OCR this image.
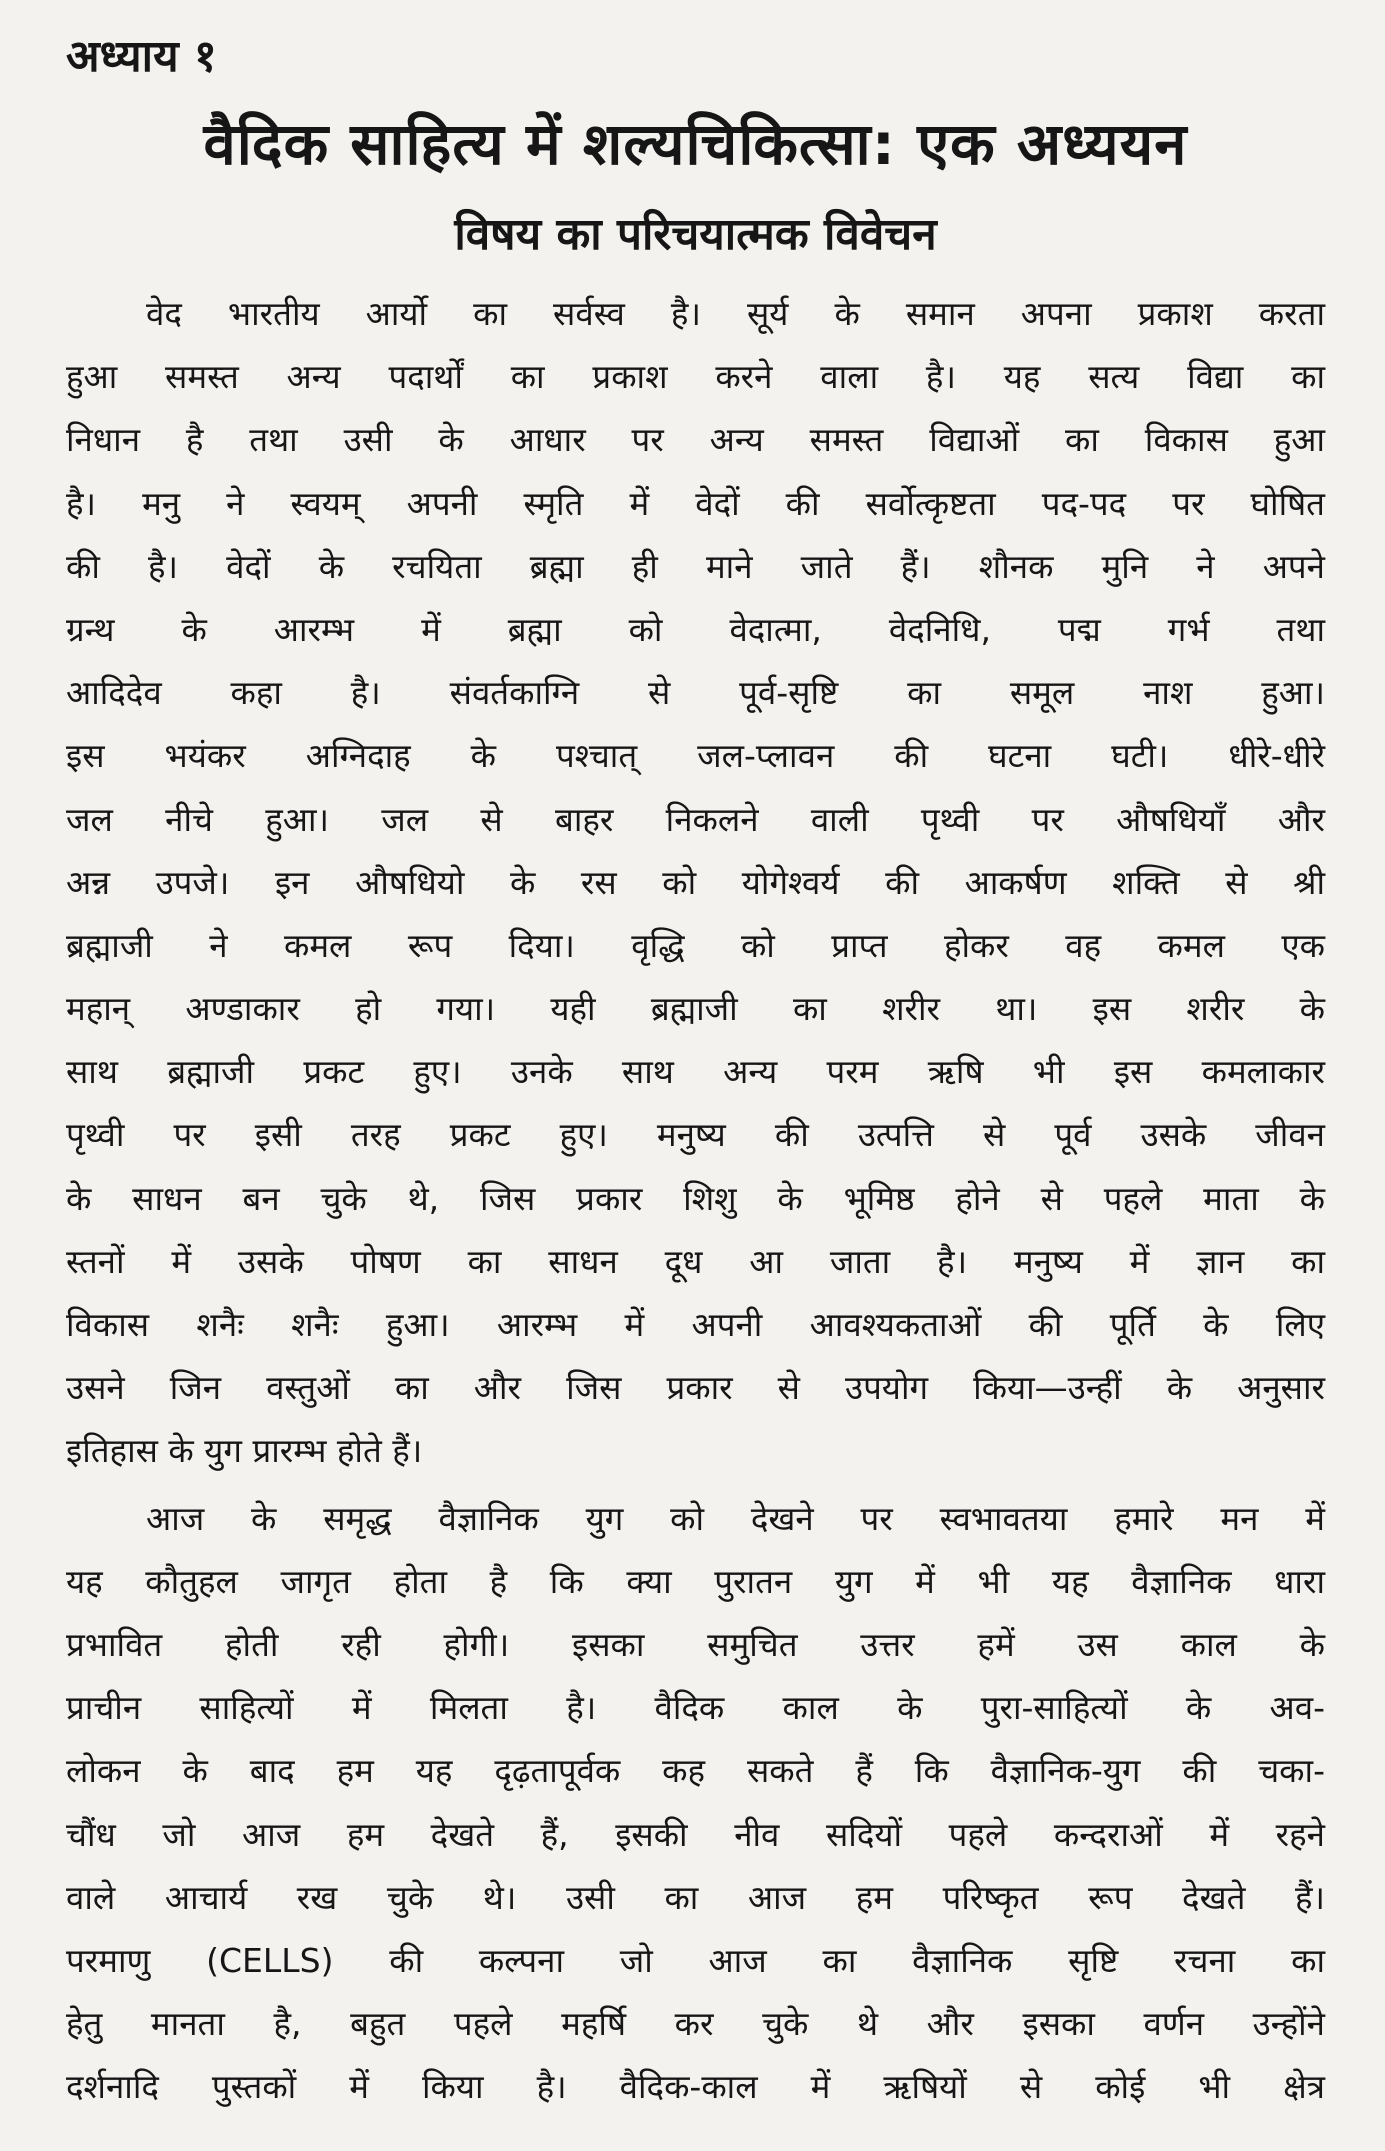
अध्याय १
वैदिक साहित्य में शल्यचिकित्सा: एक अध्ययन
विषय का परिचयात्मक विवेचन
वेद भारतीय आर्यो का सर्वस्व है। सूर्य के समान अपना प्रकाश करता
हुआ समस्त अन्य पदार्थों का प्रकाश करने वाला है। यह सत्य विद्या का
निधान है तथा उसी के आधार पर अन्य समस्त विद्याओं का विकास हुआ
है। मनु ने स्वयम् अपनी स्मृति में वेदों की सर्वोत्कृष्टता पद-पद पर घोषित
की है। वेदों के रचयिता ब्रह्मा ही माने जाते हैं। शौनक मुनि ने अपने
ग्रन्थ के आरम्भ में ब्रह्मा को वेदात्मा, वेदनिधि, पद्म गर्भ तथा
आदिदेव कहा है। संवर्तकाग्नि से पूर्व-सृष्टि का समूल नाश हुआ।
इस भयंकर अग्निदाह के पश्चात् जल-प्लावन की घटना घटी। धीरे-धीरे
जल नीचे हुआ। जल से बाहर निकलने वाली पृथ्वी पर औषधियाँ और
अन्न उपजे। इन औषधियो के रस को योगेश्वर्य की आकर्षण शक्ति से श्री
ब्रह्माजी ने कमल रूप दिया। वृद्धि को प्राप्त होकर वह कमल एक
महान् अण्डाकार हो गया। यही ब्रह्माजी का शरीर था। इस शरीर के
साथ ब्रह्माजी प्रकट हुए। उनके साथ अन्य परम ऋषि भी इस कमलाकार
पृथ्वी पर इसी तरह प्रकट हुए। मनुष्य की उत्पत्ति से पूर्व उसके जीवन
के साधन बन चुके थे, जिस प्रकार शिशु के भूमिष्ठ होने से पहले माता के
स्तनों में उसके पोषण का साधन दूध आ जाता है। मनुष्य में ज्ञान का
विकास शनैः शनैः हुआ। आरम्भ में अपनी आवश्यकताओं की पूर्ति के लिए
उसने जिन वस्तुओं का और जिस प्रकार से उपयोग किया—उन्हीं के अनुसार
इतिहास के युग प्रारम्भ होते हैं।
आज के समृद्ध वैज्ञानिक युग को देखने पर स्वभावतया हमारे मन में
यह कौतुहल जागृत होता है कि क्या पुरातन युग में भी यह वैज्ञानिक धारा
प्रभावित होती रही होगी। इसका समुचित उत्तर हमें उस काल के
प्राचीन साहित्यों में मिलता है। वैदिक काल के पुरा-साहित्यों के अव-
लोकन के बाद हम यह दृढ़तापूर्वक कह सकते हैं कि वैज्ञानिक-युग की चका-
चौंध जो आज हम देखते हैं, इसकी नीव सदियों पहले कन्दराओं में रहने
वाले आचार्य रख चुके थे। उसी का आज हम परिष्कृत रूप देखते हैं।
परमाणु (CELLS) की कल्पना जो आज का वैज्ञानिक सृष्टि रचना का
हेतु मानता है, बहुत पहले महर्षि कर चुके थे और इसका वर्णन उन्होंने
दर्शनादि पुस्तकों में किया है। वैदिक-काल में ऋषियों से कोई भी क्षेत्र
